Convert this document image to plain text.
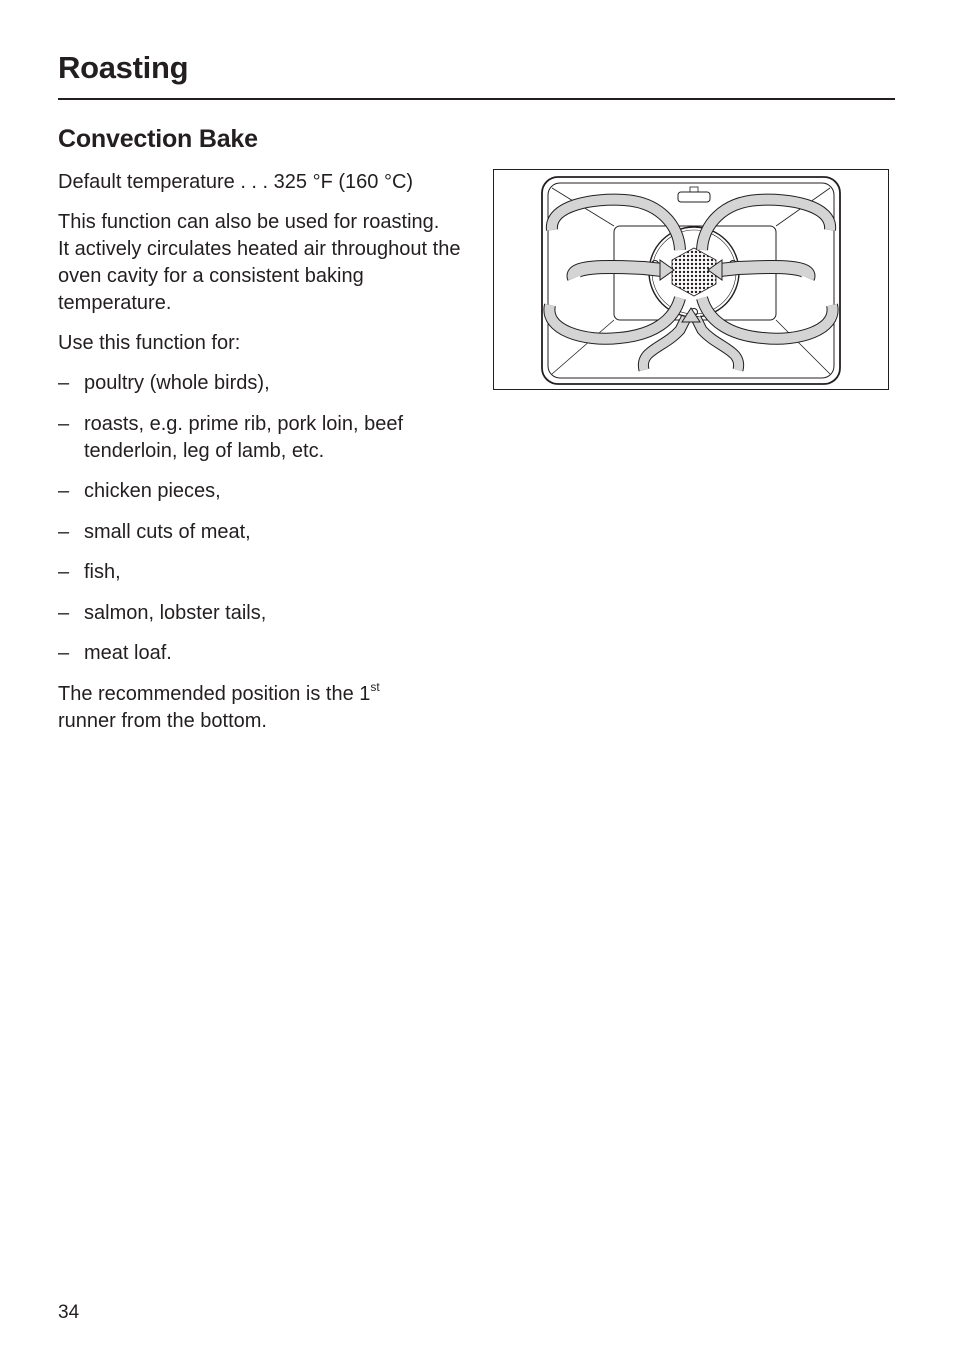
Roasting
Convection Bake

Default temperature . . . 325 °F (160 °C)

This function can also be used for roasting.
It actively circulates heated air throughout the oven cavity for a consistent baking temperature.

Use this function for:

– poultry (whole birds),
– roasts, e.g. prime rib, pork loin, beef tenderloin, leg of lamb, etc.
– chicken pieces,
– small cuts of meat,
– fish,
– salmon, lobster tails,
– meat loaf.

The recommended position is the 1st
runner from the bottom.

34
